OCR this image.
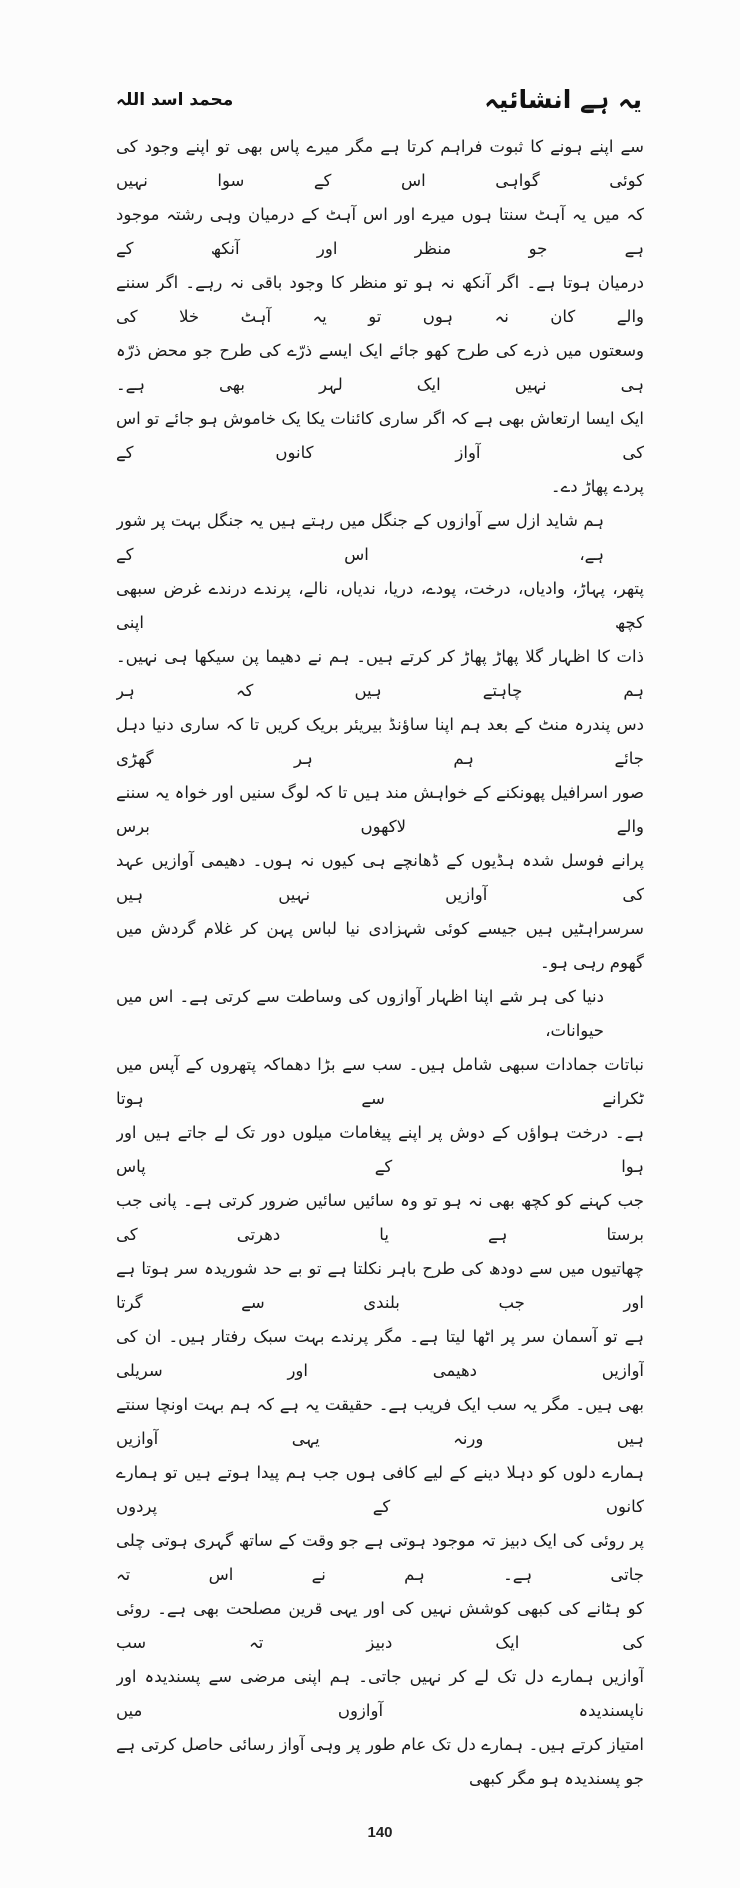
یہ ہے انشائیہ
محمد اسد اللہ
سے اپنے ہونے کا ثبوت فراہم کرتا ہے مگر میرے پاس بھی تو اپنے وجود کی کوئی گواہی اس کے سوا نہیں
کہ میں یہ آہٹ سنتا ہوں میرے اور اس آہٹ کے درمیان وہی رشتہ موجود ہے جو منظر اور آنکھ کے
درمیان ہوتا ہے۔ اگر آنکھ نہ ہو تو منظر کا وجود باقی نہ رہے۔ اگر سننے والے کان نہ ہوں تو یہ آہٹ خلا کی
وسعتوں میں ذرے کی طرح کھو جائے ایک ایسے ذرّے کی طرح جو محض ذرّہ ہی نہیں ایک لہر بھی ہے۔
ایک ایسا ارتعاش بھی ہے کہ اگر ساری کائنات یکا یک خاموش ہو جائے تو اس کی آواز کانوں کے
پردے پھاڑ دے۔
ہم شاید ازل سے آوازوں کے جنگل میں رہتے ہیں یہ جنگل بہت پر شور ہے، اس کے
پتھر، پہاڑ، وادیاں، درخت، پودے، دریا، ندیاں، نالے، پرندے درندے غرض سبھی کچھ اپنی
ذات کا اظہار گلا پھاڑ پھاڑ کر کرتے ہیں۔ ہم نے دھیما پن سیکھا ہی نہیں۔ ہم چاہتے ہیں کہ ہر
دس پندرہ منٹ کے بعد ہم اپنا ساؤنڈ بیریئر بریک کریں تا کہ ساری دنیا دہل جائے ہم ہر گھڑی
صور اسرافیل پھونکنے کے خواہش مند ہیں تا کہ لوگ سنیں اور خواہ یہ سننے والے لاکھوں برس
پرانے فوسل شدہ ہڈیوں کے ڈھانچے ہی کیوں نہ ہوں۔ دھیمی آوازیں عہد کی آوازیں نہیں ہیں
سرسراہٹیں ہیں جیسے کوئی شہزادی نیا لباس پہن کر غلام گردش میں گھوم رہی ہو۔
دنیا کی ہر شے اپنا اظہار آوازوں کی وساطت سے کرتی ہے۔ اس میں حیوانات،
نباتات جمادات سبھی شامل ہیں۔ سب سے بڑا دھماکہ پتھروں کے آپس میں ٹکرانے سے ہوتا
ہے۔ درخت ہواؤں کے دوش پر اپنے پیغامات میلوں دور تک لے جاتے ہیں اور ہوا کے پاس
جب کہنے کو کچھ بھی نہ ہو تو وہ سائیں سائیں ضرور کرتی ہے۔ پانی جب برستا ہے یا دھرتی کی
چھاتیوں میں سے دودھ کی طرح باہر نکلتا ہے تو بے حد شوریدہ سر ہوتا ہے اور جب بلندی سے گرتا
ہے تو آسمان سر پر اٹھا لیتا ہے۔ مگر پرندے بہت سبک رفتار ہیں۔ ان کی آوازیں دھیمی اور سریلی
بھی ہیں۔ مگر یہ سب ایک فریب ہے۔ حقیقت یہ ہے کہ ہم بہت اونچا سنتے ہیں ورنہ یہی آوازیں
ہمارے دلوں کو دہلا دینے کے لیے کافی ہوں جب ہم پیدا ہوتے ہیں تو ہمارے کانوں کے پردوں
پر روئی کی ایک دبیز تہ موجود ہوتی ہے جو وقت کے ساتھ گہری ہوتی چلی جاتی ہے۔ ہم نے اس تہ
کو ہٹانے کی کبھی کوشش نہیں کی اور یہی قرین مصلحت بھی ہے۔ روئی کی ایک دبیز تہ سب
آوازیں ہمارے دل تک لے کر نہیں جاتی۔ ہم اپنی مرضی سے پسندیدہ اور ناپسندیدہ آوازوں میں
امتیاز کرتے ہیں۔ ہمارے دل تک عام طور پر وہی آواز رسائی حاصل کرتی ہے جو پسندیدہ ہو مگر کبھی
140
